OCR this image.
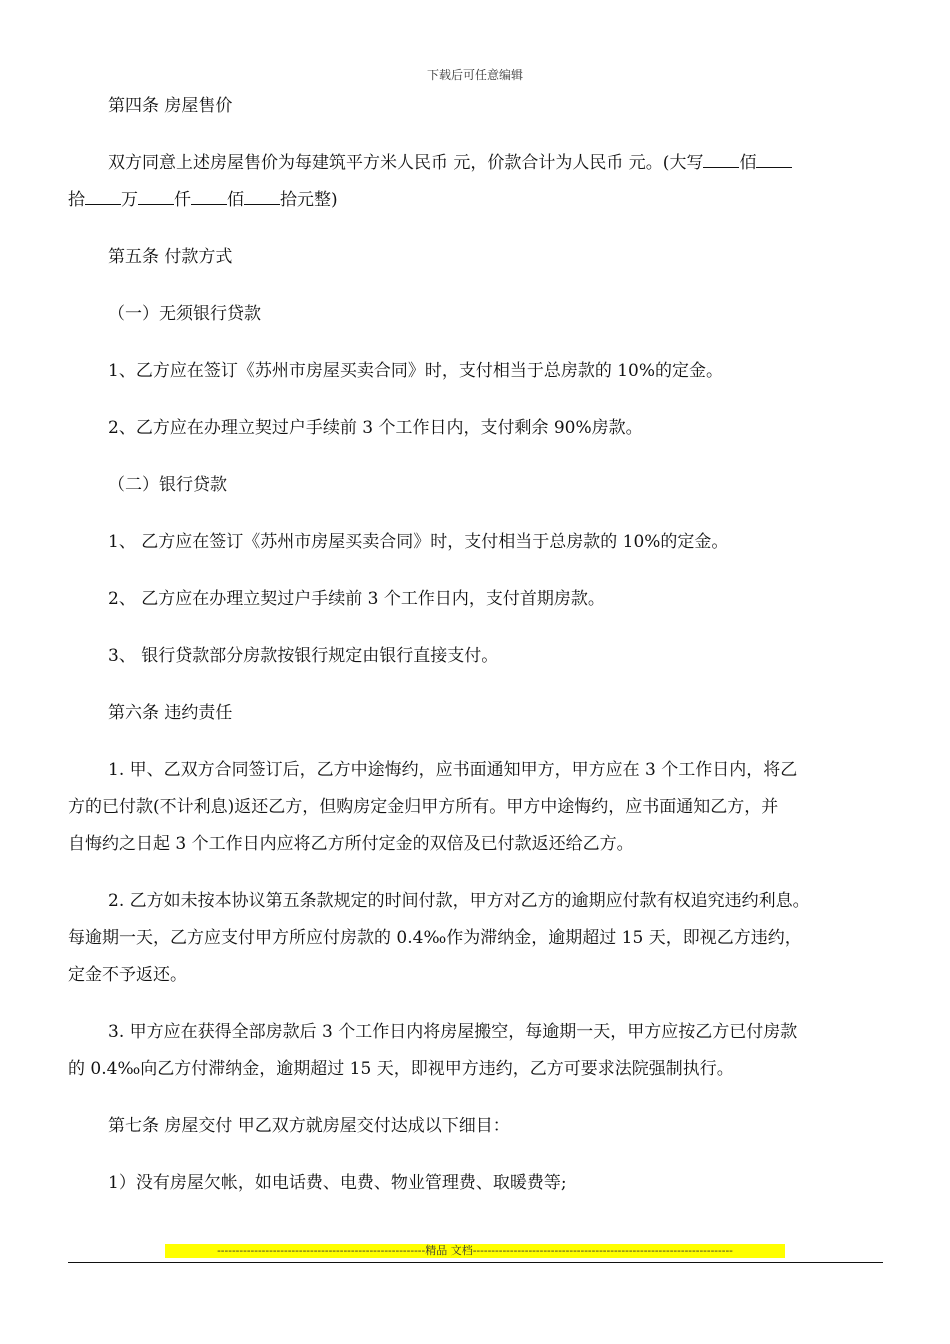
下载后可任意编辑

第四条 房屋售价

双方同意上述房屋售价为每建筑平方米人民币 元，价款合计为人民币 元。(大写 佰

拾 万 仟 佰 拾元整)

第五条 付款方式

（一）无须银行贷款

1、乙方应在签订《苏州市房屋买卖合同》时，支付相当于总房款的 10%的定金。

2、乙方应在办理立契过户手续前 3 个工作日内，支付剩余 90%房款。

（二）银行贷款

1、 乙方应在签订《苏州市房屋买卖合同》时，支付相当于总房款的 10%的定金。

2、 乙方应在办理立契过户手续前 3 个工作日内，支付首期房款。

3、 银行贷款部分房款按银行规定由银行直接支付。

第六条 违约责任

1. 甲、乙双方合同签订后，乙方中途悔约，应书面通知甲方，甲方应在 3 个工作日内，将乙

方的已付款(不计利息)返还乙方，但购房定金归甲方所有。甲方中途悔约，应书面通知乙方，并

自悔约之日起 3 个工作日内应将乙方所付定金的双倍及已付款返还给乙方。

2. 乙方如未按本协议第五条款规定的时间付款，甲方对乙方的逾期应付款有权追究违约利息。

每逾期一天，乙方应支付甲方所应付房款的 0.4‰作为滞纳金，逾期超过 15 天，即视乙方违约，

定金不予返还。

3. 甲方应在获得全部房款后 3 个工作日内将房屋搬空，每逾期一天，甲方应按乙方已付房款

的 0.4‰向乙方付滞纳金，逾期超过 15 天，即视甲方违约，乙方可要求法院强制执行。

第七条 房屋交付 甲乙双方就房屋交付达成以下细目：

1）没有房屋欠帐，如电话费、电费、物业管理费、取暖费等;

--------------------------------------------------------精品 文档----------------------------------------------------------------------
